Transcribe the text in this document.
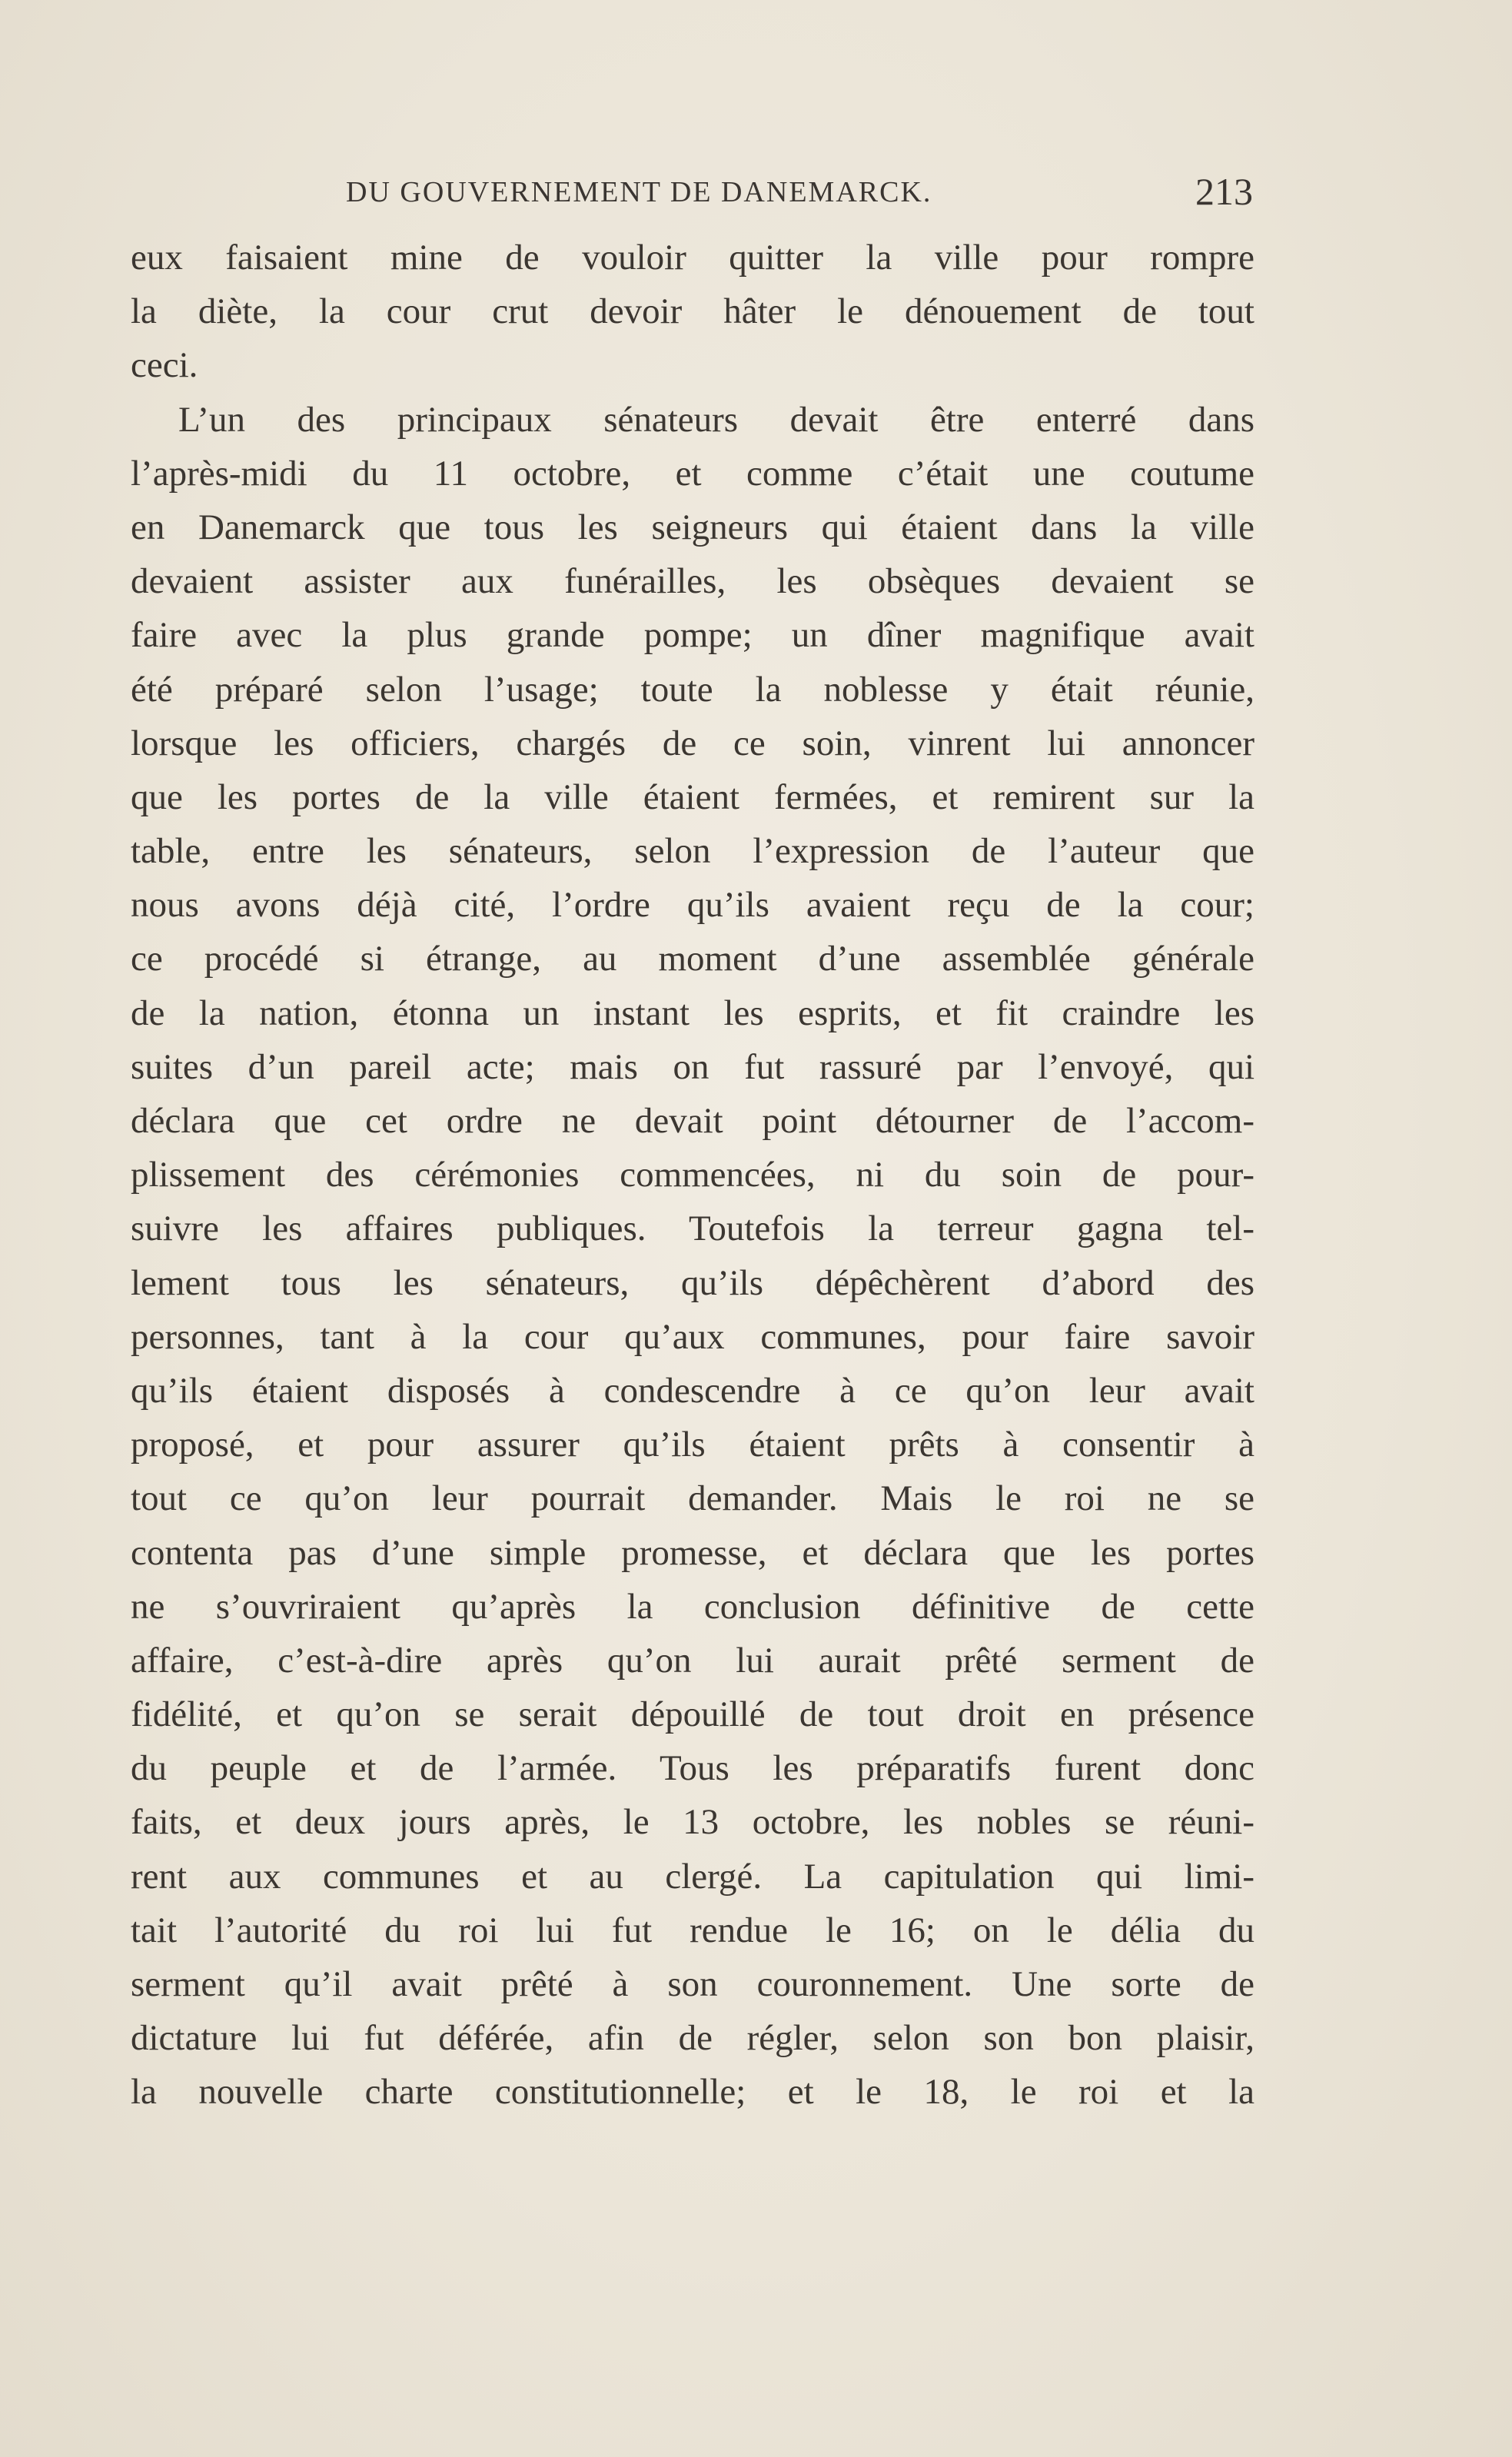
DU GOUVERNEMENT DE DANEMARCK.	213
eux faisaient mine de vouloir quitter la ville pour rompre
la diète, la cour crut devoir hâter le dénouement de tout
ceci.
L’un des principaux sénateurs devait être enterré dans
l’après-midi du 11 octobre, et comme c’était une coutume
en Danemarck que tous les seigneurs qui étaient dans la ville
devaient assister aux funérailles, les obsèques devaient se
faire avec la plus grande pompe; un dîner magnifique avait
été préparé selon l’usage; toute la noblesse y était réunie,
lorsque les officiers, chargés de ce soin, vinrent lui annoncer
que les portes de la ville étaient fermées, et remirent sur la
table, entre les sénateurs, selon l’expression de l’auteur que
nous avons déjà cité, l’ordre qu’ils avaient reçu de la cour;
ce procédé si étrange, au moment d’une assemblée générale
de la nation, étonna un instant les esprits, et fit craindre les
suites d’un pareil acte; mais on fut rassuré par l’envoyé, qui
déclara que cet ordre ne devait point détourner de l’accom-
plissement des cérémonies commencées, ni du soin de pour-
suivre les affaires publiques. Toutefois la terreur gagna tel-
lement tous les sénateurs, qu’ils dépêchèrent d’abord des
personnes, tant à la cour qu’aux communes, pour faire savoir
qu’ils étaient disposés à condescendre à ce qu’on leur avait
proposé, et pour assurer qu’ils étaient prêts à consentir à
tout ce qu’on leur pourrait demander. Mais le roi ne se
contenta pas d’une simple promesse, et déclara que les portes
ne s’ouvriraient qu’après la conclusion définitive de cette
affaire, c’est-à-dire après qu’on lui aurait prêté serment de
fidélité, et qu’on se serait dépouillé de tout droit en présence
du peuple et de l’armée. Tous les préparatifs furent donc
faits, et deux jours après, le 13 octobre, les nobles se réuni-
rent aux communes et au clergé. La capitulation qui limi-
tait l’autorité du roi lui fut rendue le 16; on le délia du
serment qu’il avait prêté à son couronnement. Une sorte de
dictature lui fut déférée, afin de régler, selon son bon plaisir,
la nouvelle charte constitutionnelle; et le 18, le roi et la
